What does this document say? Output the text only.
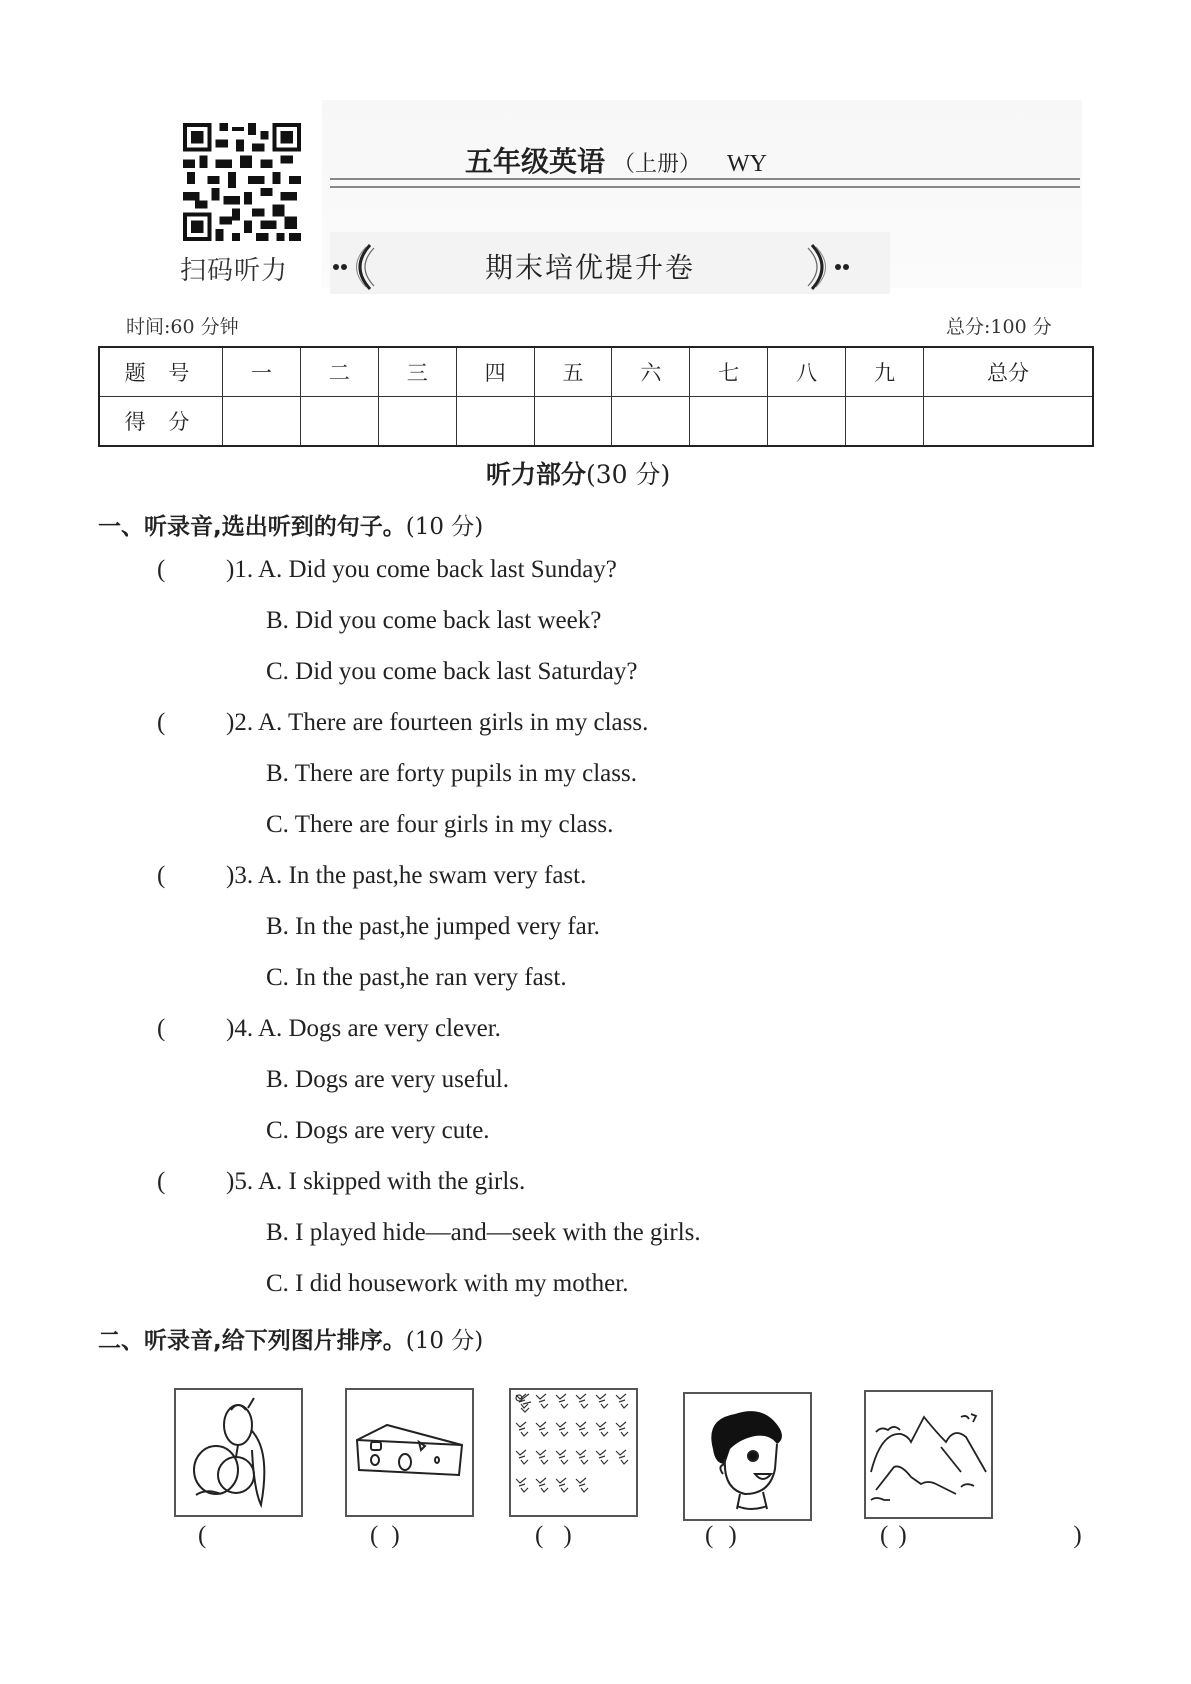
扫码听力
五年级英语 （上册） WY
期末培优提升卷
时间:60 分钟	总分:100 分
题 号	一	二	三	四	五	六	七	八	九	总分
得 分										
听力部分(30 分)
一、听录音,选出听到的句子。(10 分)
( )1. A. Did you come back last Sunday?
B. Did you come back last week?
C. Did you come back last Saturday?
( )2. A. There are fourteen girls in my class.
B. There are forty pupils in my class.
C. There are four girls in my class.
( )3. A. In the past,he swam very fast.
B. In the past,he jumped very far.
C. In the past,he ran very fast.
( )4. A. Dogs are very clever.
B. Dogs are very useful.
C. Dogs are very cute.
( )5. A. I skipped with the girls.
B. I played hide—and—seek with the girls.
C. I did housework with my mother.
二、听录音,给下列图片排序。(10 分)
(    )
(    )
(    )
(    )
(    )
